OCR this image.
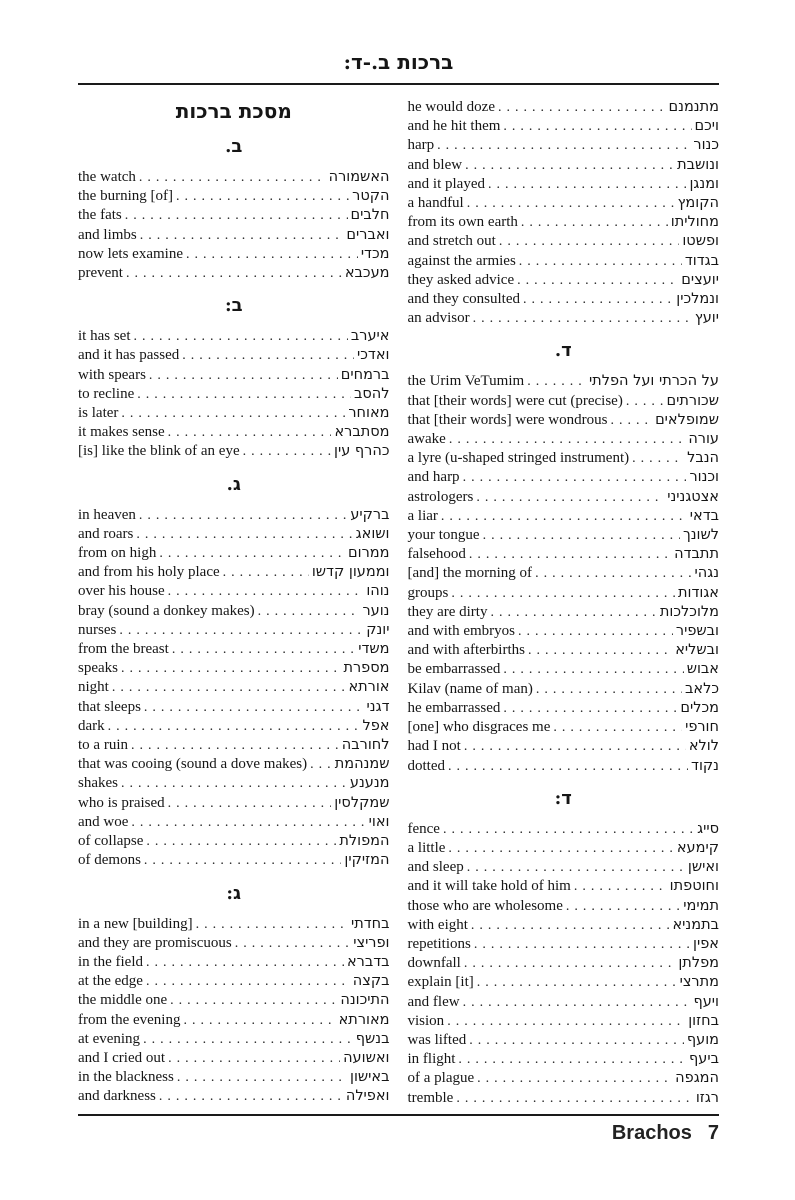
ברכות ב.-ד:
מסכת ברכות
ב.
the watch .....	האשמורה
the burning [of] .....	הקטר
the fats .....	חלבים
and limbs .....	ואברים
now lets examine .....	מכדי
prevent .....	מעכבא
ב:
it has set .....	איערב
and it has passed .....	ואדכי
with spears .....	ברמחים
to recline .....	להסב
is later .....	מאוחר
it makes sense .....	מסתברא
[is] like the blink of an eye .....	כהרף עין
ג.
in heaven .....	ברקיע
and roars .....	ושואג
from on high .....	ממרום
and from his holy place .....	וממעון קדשו
over his house .....	נוהו
bray (sound a donkey makes) .....	נוער
nurses .....	יונק
from the breast .....	משדי
speaks .....	מספרת
night .....	אורתא
that sleeps .....	דגני
dark .....	אפל
to a ruin .....	לחורבה
that was cooing (sound a dove makes) ..... שמנהמת
shakes .....	מנענע
who is praised .....	שמקלסין
and woe .....	ואוי
of collapse .....	המפולת
of demons .....	המזיקין
ג:
in a new [building] .....	בחדתי
and they are promiscuous .....	ופריצי
in the field .....	בדברא
at the edge .....	בקצה
the middle one .....	התיכונה
from the evening .....	מאורתא
at evening .....	בנשף
and I cried out .....	ואשועה
in the blackness .....	באישון
and darkness .....	ואפילה
he would doze .....	מתנמנם
and he hit them .....	ויכם
harp .....	כנור
and blew .....	ונושבת
and it played .....	ומנגן
a handful .....	הקומץ
from its own earth .....	מחוליתו
and stretch out .....	ופשטו
against the armies .....	בגדוד
they asked advice .....	יועצים
and they consulted .....	ונמלכין
an advisor .....	יועץ
ד.
the Urim VeTumim .....	על הכרתי ועל הפלתי
that [their words] were cut (precise) .....	שכורתים
that [their words] were wondrous .....	שמופלאים
awake .....	עורה
a lyre (u-shaped stringed instrument) .....	הנבל
and harp .....	וכנור
astrologers .....	אצטגניני
a liar .....	בדאי
your tongue .....	לשונך
falsehood .....	תתבדה
[and] the morning of .....	נגהי
groups .....	אגודות
they are dirty .....	מלוכלכות
and with embryos .....	ובשפיר
and with afterbirths .....	ובשליא
be embarrassed .....	אבוש
Kilav (name of man) .....	כלאב
he embarrassed .....	מכלים
[one] who disgraces me .....	חורפי
had I not .....	לולא
dotted .....	נקוד
ד:
fence .....	סייג
a little .....	קימעא
and sleep .....	ואישן
and it will take hold of him .....	וחוטפתו
those who are wholesome .....	תמימי
with eight .....	בתמניא
repetitions .....	אפין
downfall .....	מפלתן
explain [it] .....	מתרצי
and flew .....	ויעף
vision .....	בחזון
was lifted .....	מועף
in flight .....	ביעף
of a plague .....	המגפה
tremble .....	רגזו
Brachos 7
